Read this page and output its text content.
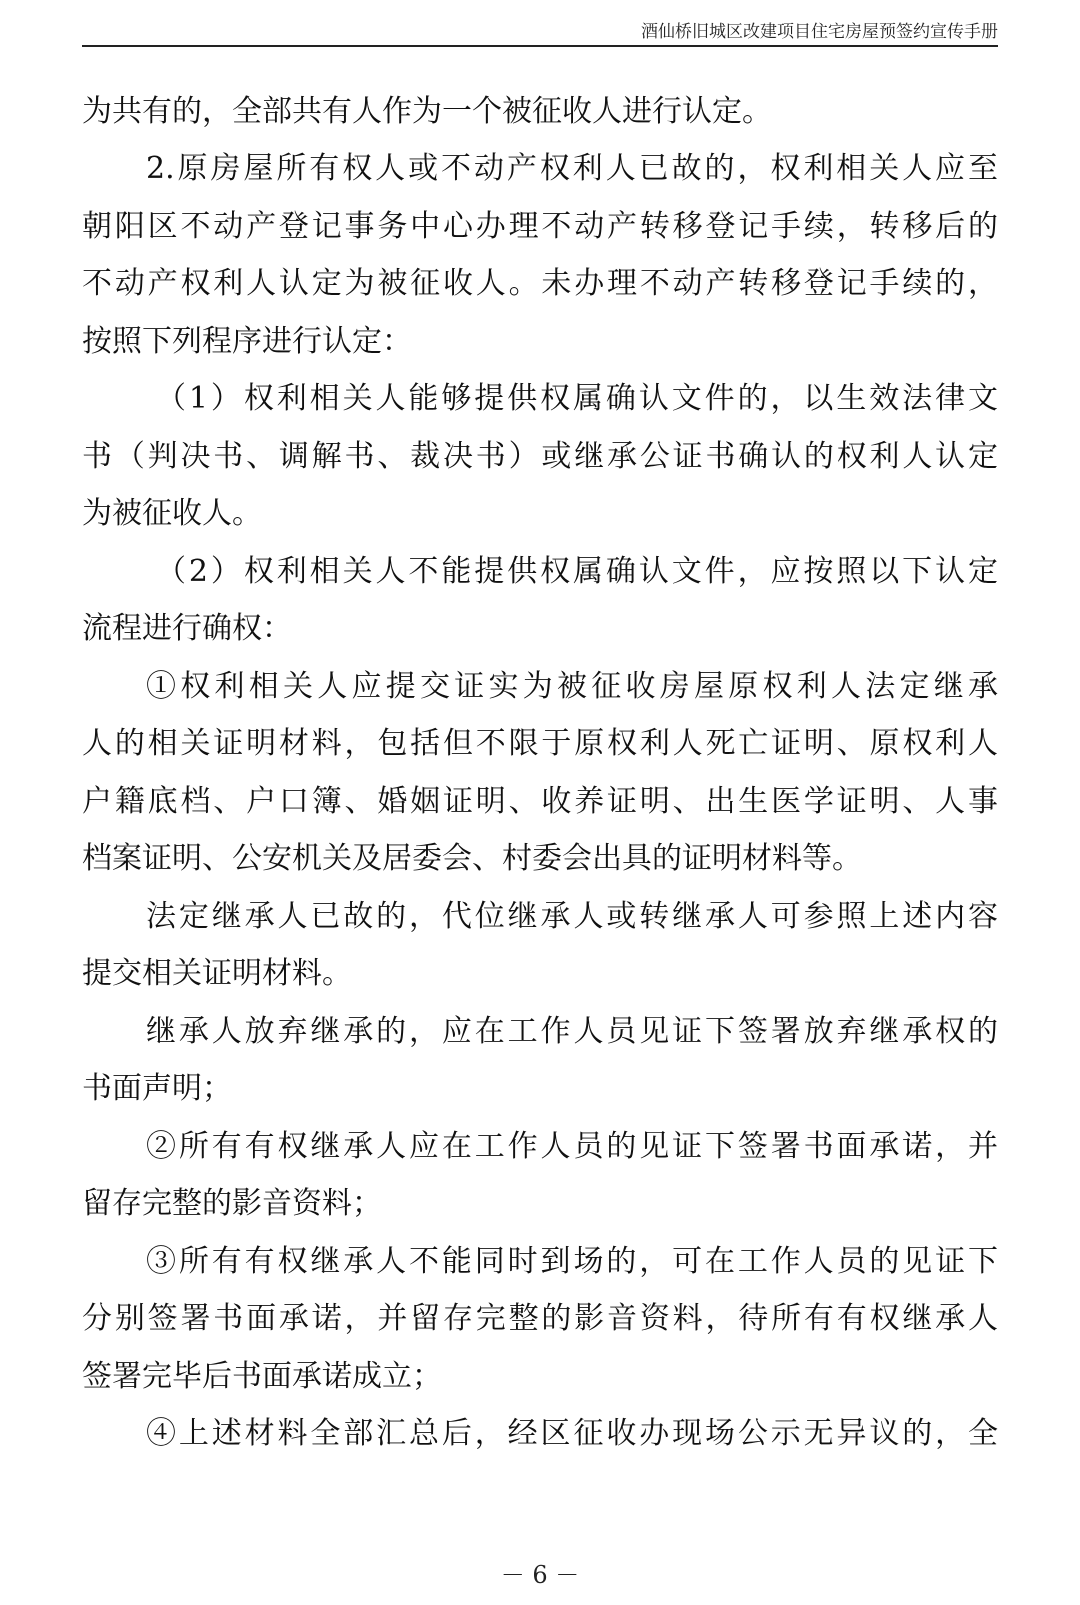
酒仙桥旧城区改建项目住宅房屋预签约宣传手册
为共有的，全部共有人作为一个被征收人进行认定。
2.原房屋所有权人或不动产权利人已故的，权利相关人应至
朝阳区不动产登记事务中心办理不动产转移登记手续，转移后的
不动产权利人认定为被征收人。未办理不动产转移登记手续的，
按照下列程序进行认定：
（1）权利相关人能够提供权属确认文件的，以生效法律文
书（判决书、调解书、裁决书）或继承公证书确认的权利人认定
为被征收人。
（2）权利相关人不能提供权属确认文件，应按照以下认定
流程进行确权：
①权利相关人应提交证实为被征收房屋原权利人法定继承
人的相关证明材料，包括但不限于原权利人死亡证明、原权利人
户籍底档、户口簿、婚姻证明、收养证明、出生医学证明、人事
档案证明、公安机关及居委会、村委会出具的证明材料等。
法定继承人已故的，代位继承人或转继承人可参照上述内容
提交相关证明材料。
继承人放弃继承的，应在工作人员见证下签署放弃继承权的
书面声明；
②所有有权继承人应在工作人员的见证下签署书面承诺，并
留存完整的影音资料；
③所有有权继承人不能同时到场的，可在工作人员的见证下
分别签署书面承诺，并留存完整的影音资料，待所有有权继承人
签署完毕后书面承诺成立；
④上述材料全部汇总后，经区征收办现场公示无异议的，全
－ 6 －
